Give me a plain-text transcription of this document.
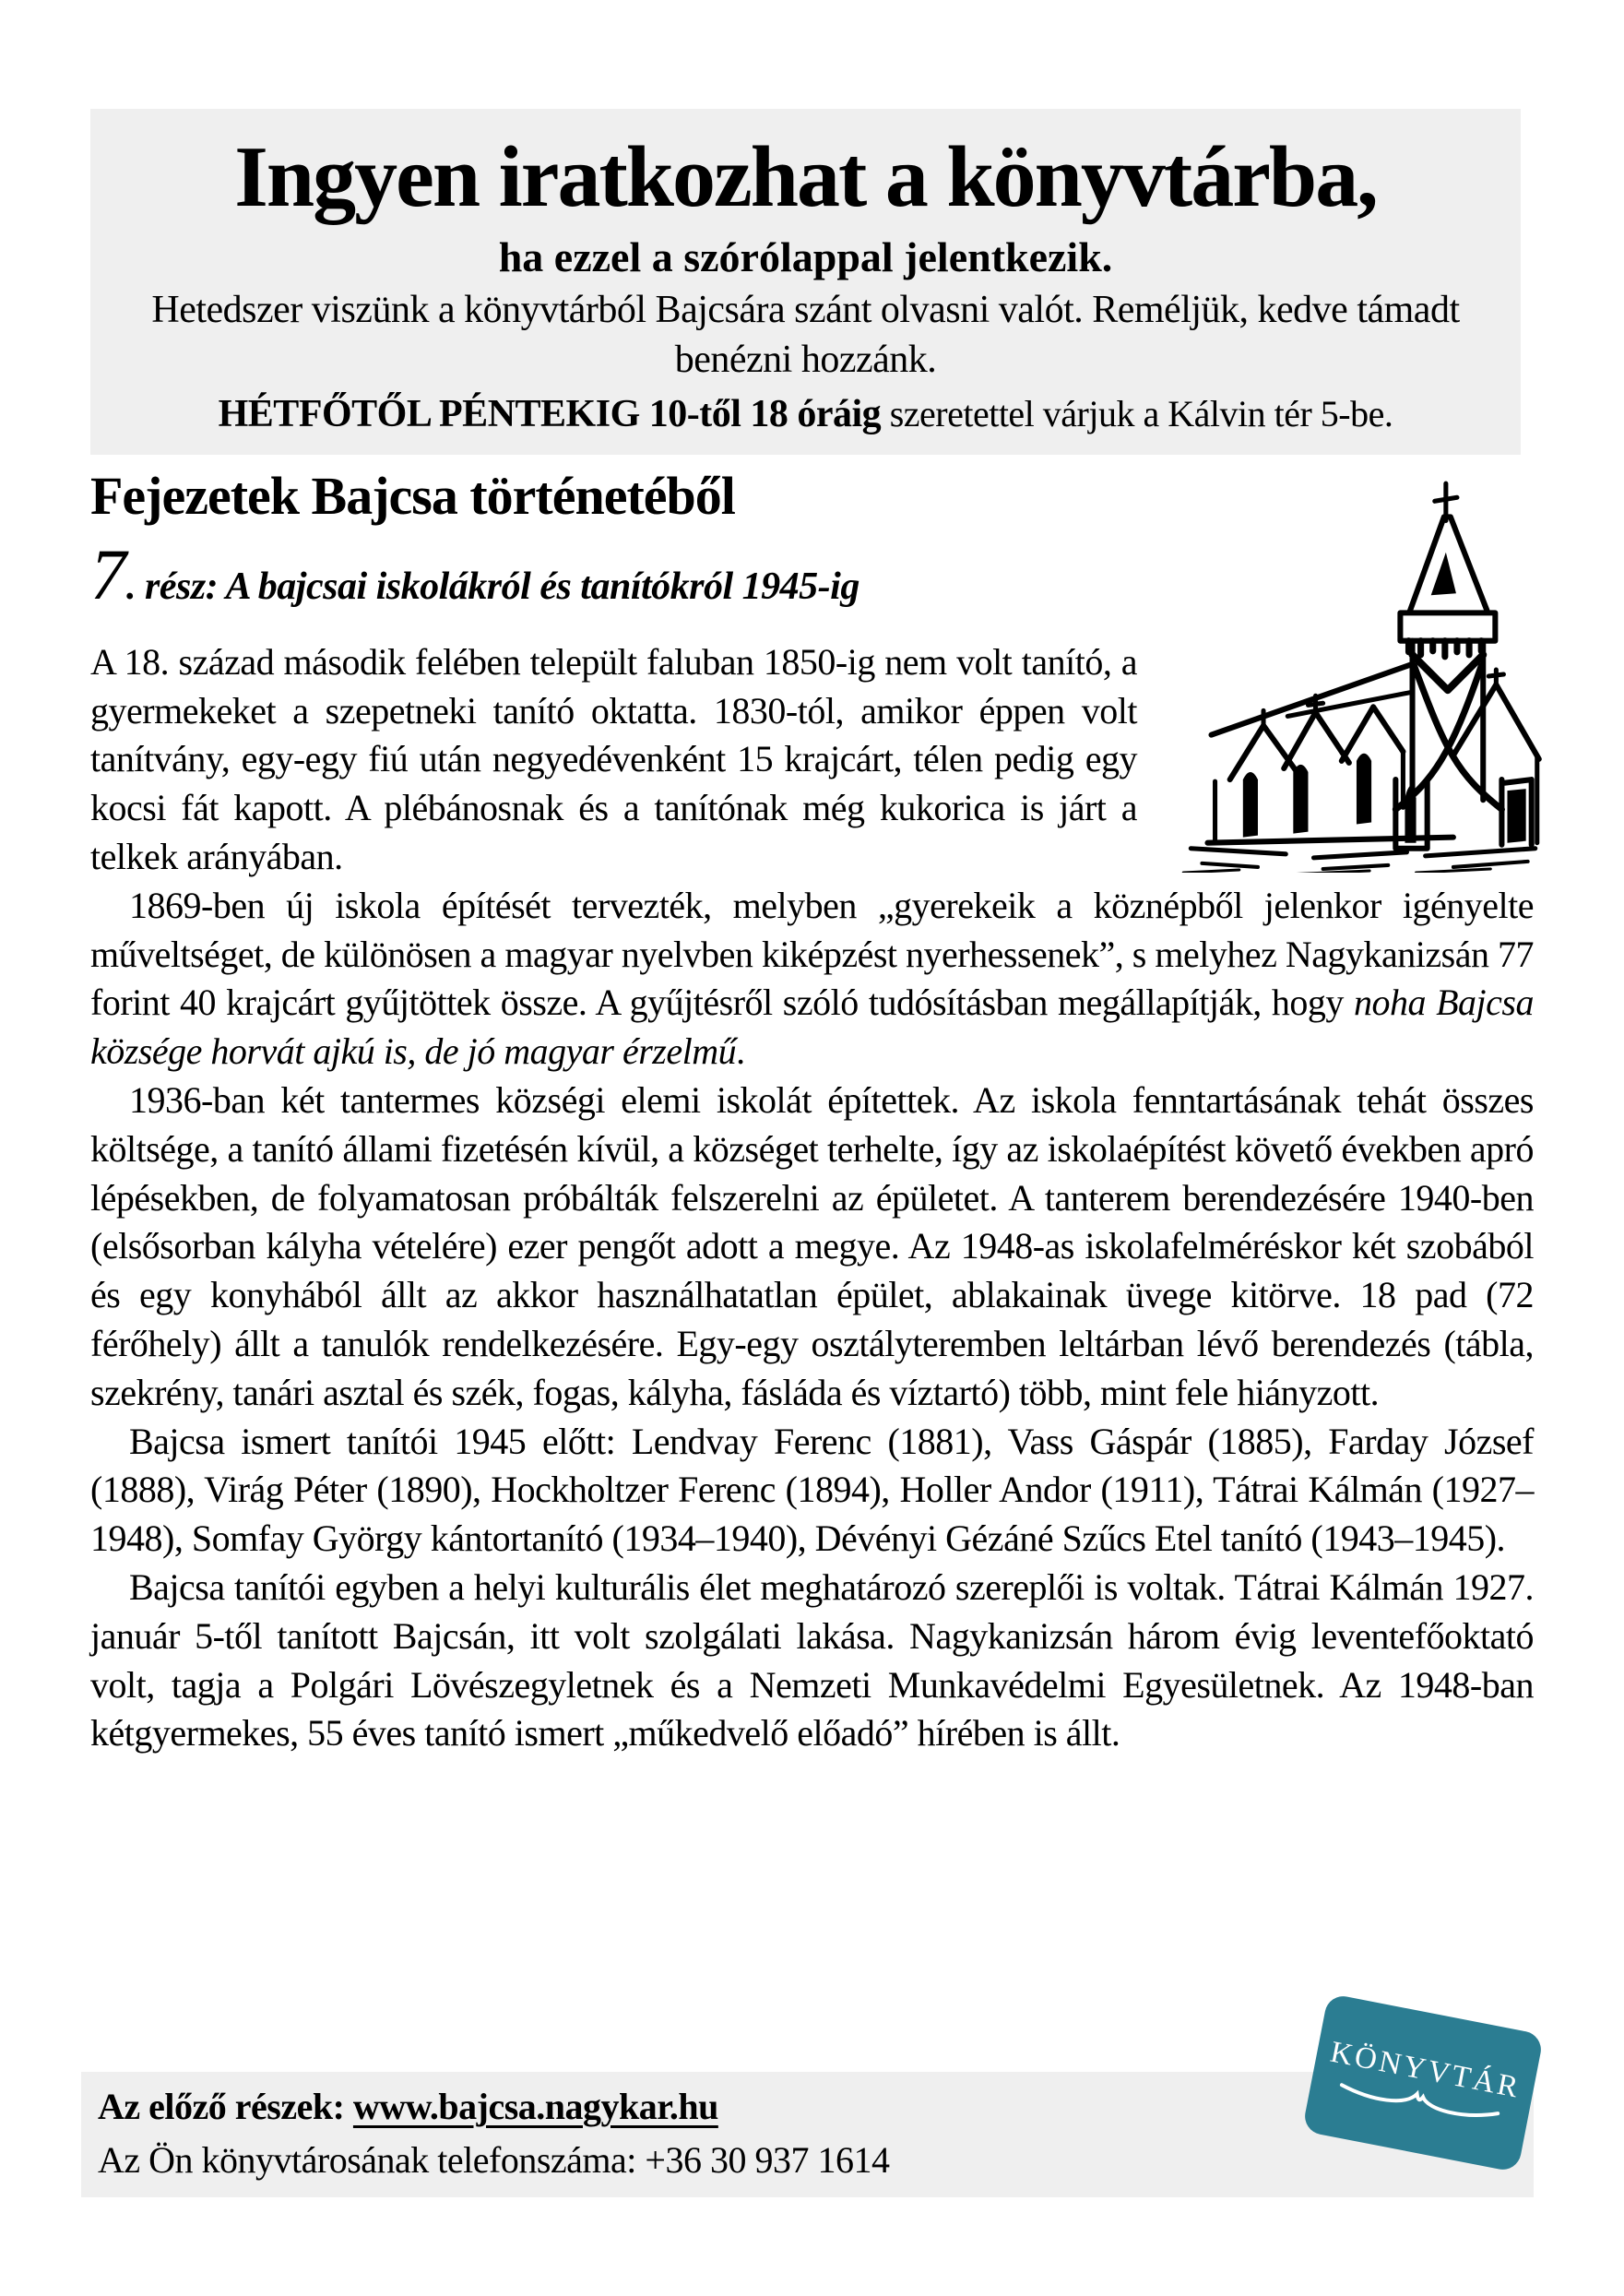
Ingyen iratkozhat a könyvtárba,
ha ezzel a szórólappal jelentkezik.
Hetedszer viszünk a könyvtárból Bajcsára szánt olvasni valót. Reméljük, kedve támadt benézni hozzánk.
HÉTFŐTŐL PÉNTEKIG 10-től 18 óráig szeretettel várjuk a Kálvin tér 5-be.
Fejezetek Bajcsa történetéből
7. rész: A bajcsai iskolákról és tanítókról 1945-ig

A 18. század második felében települt faluban 1850-ig nem volt tanító, a gyermekeket a szepetneki tanító oktatta. 1830-tól, amikor éppen volt tanítvány, egy-egy fiú után negyedévenként 15 krajcárt, télen pedig egy kocsi fát kapott. A plébánosnak és a tanítónak még kukorica is járt a telkek arányában.

1869-ben új iskola építését tervezték, melyben „gyerekeik a köznépből jelenkor igényelte műveltséget, de különösen a magyar nyelvben kiképzést nyerhessenek”, s melyhez Nagykanizsán 77 forint 40 krajcárt gyűjtöttek össze. A gyűjtésről szóló tudósításban megállapítják, hogy noha Bajcsa községe horvát ajkú is, de jó magyar érzelmű.

1936-ban két tantermes községi elemi iskolát építettek. Az iskola fenntartásának tehát összes költsége, a tanító állami fizetésén kívül, a községet terhelte, így az iskolaépítést követő években apró lépésekben, de folyamatosan próbálták felszerelni az épületet. A tanterem berendezésére 1940-ben (elsősorban kályha vételére) ezer pengőt adott a megye. Az 1948-as iskolafelméréskor két szobából és egy konyhából állt az akkor használhatatlan épület, ablakainak üvege kitörve. 18 pad (72 férőhely) állt a tanulók rendelkezésére. Egy-egy osztályteremben leltárban lévő berendezés (tábla, szekrény, tanári asztal és szék, fogas, kályha, fásláda és víztartó) több, mint fele hiányzott.

Bajcsa ismert tanítói 1945 előtt: Lendvay Ferenc (1881), Vass Gáspár (1885), Farday József (1888), Virág Péter (1890), Hockholtzer Ferenc (1894), Holler Andor (1911), Tátrai Kálmán (1927–1948), Somfay György kántortanító (1934–1940), Dévényi Gézáné Szűcs Etel tanító (1943–1945).

Bajcsa tanítói egyben a helyi kulturális élet meghatározó szereplői is voltak. Tátrai Kálmán 1927. január 5-től tanított Bajcsán, itt volt szolgálati lakása. Nagykanizsán három évig leventefőoktató volt, tagja a Polgári Lövészegyletnek és a Nemzeti Munkavédelmi Egyesületnek. Az 1948-ban kétgyermekes, 55 éves tanító ismert „műkedvelő előadó” hírében is állt.

Az előző részek: www.bajcsa.nagykar.hu
Az Ön könyvtárosának telefonszáma: +36 30 937 1614
KÖNYVTÁR
